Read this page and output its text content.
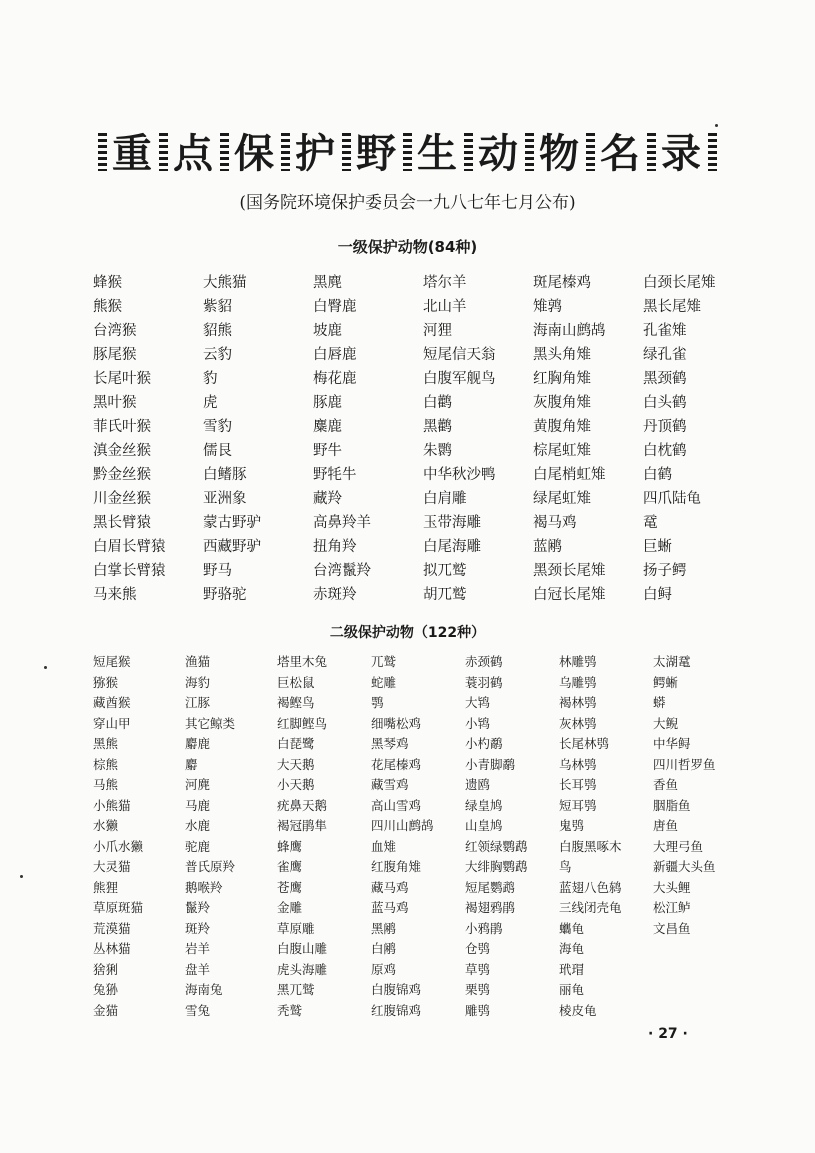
重 点 保 护 野 生 动 物 名 录
(国务院环境保护委员会一九八七年七月公布)
一级保护动物(84种)
蜂猴
熊猴
台湾猴
豚尾猴
长尾叶猴
黑叶猴
菲氏叶猴
滇金丝猴
黔金丝猴
川金丝猴
黑长臂猿
白眉长臂猿
白掌长臂猿
马来熊
大熊猫
紫貂
貂熊
云豹
豹
虎
雪豹
儒艮
白鳍豚
亚洲象
蒙古野驴
西藏野驴
野马
野骆驼
黑麂
白臀鹿
坡鹿
白唇鹿
梅花鹿
豚鹿
麋鹿
野牛
野牦牛
藏羚
高鼻羚羊
扭角羚
台湾鬣羚
赤斑羚
塔尔羊
北山羊
河狸
短尾信天翁
白腹军舰鸟
白鹳
黑鹳
朱鹮
中华秋沙鸭
白肩雕
玉带海雕
白尾海雕
拟兀鹫
胡兀鹫
斑尾榛鸡
雉鹑
海南山鹧鸪
黑头角雉
红胸角雉
灰腹角雉
黄腹角雉
棕尾虹雉
白尾梢虹雉
绿尾虹雉
褐马鸡
蓝鹇
黑颈长尾雉
白冠长尾雉
白颈长尾雉
黑长尾雉
孔雀雉
绿孔雀
黑颈鹤
白头鹤
丹顶鹤
白枕鹤
白鹤
四爪陆龟
鼋
巨蜥
扬子鳄
白鲟
二级保护动物（122种）
短尾猴
猕猴
藏酋猴
穿山甲
黑熊
棕熊
马熊
小熊猫
水獭
小爪水獭
大灵猫
熊狸
草原斑猫
荒漠猫
丛林猫
猞猁
兔狲
金猫
渔猫
海豹
江豚
其它鲸类
麝鹿
麝
河麂
马鹿
水鹿
驼鹿
普氏原羚
鹅喉羚
鬣羚
斑羚
岩羊
盘羊
海南兔
雪兔
塔里木兔
巨松鼠
褐鲣鸟
红脚鲣鸟
白琵鹭
大天鹅
小天鹅
疣鼻天鹅
褐冠鹃隼
蜂鹰
雀鹰
苍鹰
金雕
草原雕
白腹山雕
虎头海雕
黑兀鹫
秃鹫
兀鹫
蛇雕
鹗
细嘴松鸡
黑琴鸡
花尾榛鸡
藏雪鸡
高山雪鸡
四川山鹧鸪
血雉
红腹角雉
藏马鸡
蓝马鸡
黑鹇
白鹇
原鸡
白腹锦鸡
红腹锦鸡
赤颈鹤
蓑羽鹤
大鸨
小鸨
小杓鹬
小青脚鹬
遗鸥
绿皇鸠
山皇鸠
红领绿鹦鹉
大绯胸鹦鹉
短尾鹦鹉
褐翅鸦鹃
小鸦鹃
仓鸮
草鸮
栗鸮
雕鸮
林雕鸮
乌雕鸮
褐林鸮
灰林鸮
长尾林鸮
乌林鸮
长耳鸮
短耳鸮
鬼鸮
白腹黑啄木
鸟
蓝翅八色鸫
三线闭壳龟
蠵龟
海龟
玳瑁
丽龟
棱皮龟
太湖鼋
鳄蜥
蟒
大鲵
中华鲟
四川哲罗鱼
香鱼
胭脂鱼
唐鱼
大理弓鱼
新疆大头鱼
大头鲤
松江鲈
文昌鱼
· 27 ·
